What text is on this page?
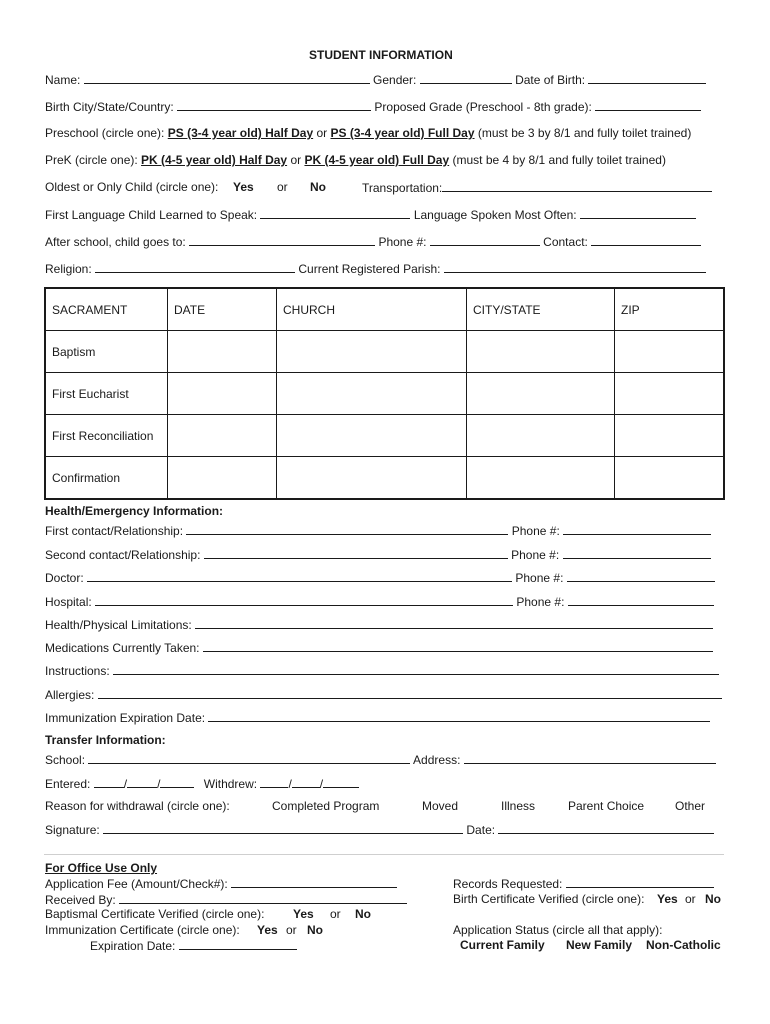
STUDENT INFORMATION
Name:	Gender:	Date of Birth:
Birth City/State/Country:	Proposed Grade (Preschool - 8th grade):
Preschool (circle one): PS (3-4 year old) Half Day or PS (3-4 year old) Full Day (must be 3 by 8/1 and fully toilet trained)
PreK (circle one): PK (4-5 year old) Half Day or PK (4-5 year old) Full Day (must be 4 by 8/1 and fully toilet trained)
Oldest or Only Child (circle one): Yes or No	Transportation:
First Language Child Learned to Speak:	Language Spoken Most Often:
After school, child goes to:	Phone #:	Contact:
Religion:	Current Registered Parish:
SACRAMENT	DATE	CHURCH	CITY/STATE	ZIP
Baptism				
First Eucharist				
First Reconciliation				
Confirmation				
Health/Emergency Information:
First contact/Relationship:	Phone #:
Second contact/Relationship:	Phone #:
Doctor:	Phone #:
Hospital:	Phone #:
Health/Physical Limitations:
Medications Currently Taken:
Instructions:
Allergies:
Immunization Expiration Date:
Transfer Information:
School:	Address:
Entered:	/	/	Withdrew:	/ /
Reason for withdrawal (circle one):	Completed Program	Moved	Illness	Parent Choice	Other
Signature:	Date:
For Office Use Only
Application Fee (Amount/Check#):
Received By:
Baptismal Certificate Verified (circle one): Yes or No
Immunization Certificate (circle one): Yes or No
Expiration Date:
Records Requested:
Birth Certificate Verified (circle one): Yes or No
Application Status (circle all that apply):
Current Family New Family Non-Catholic
